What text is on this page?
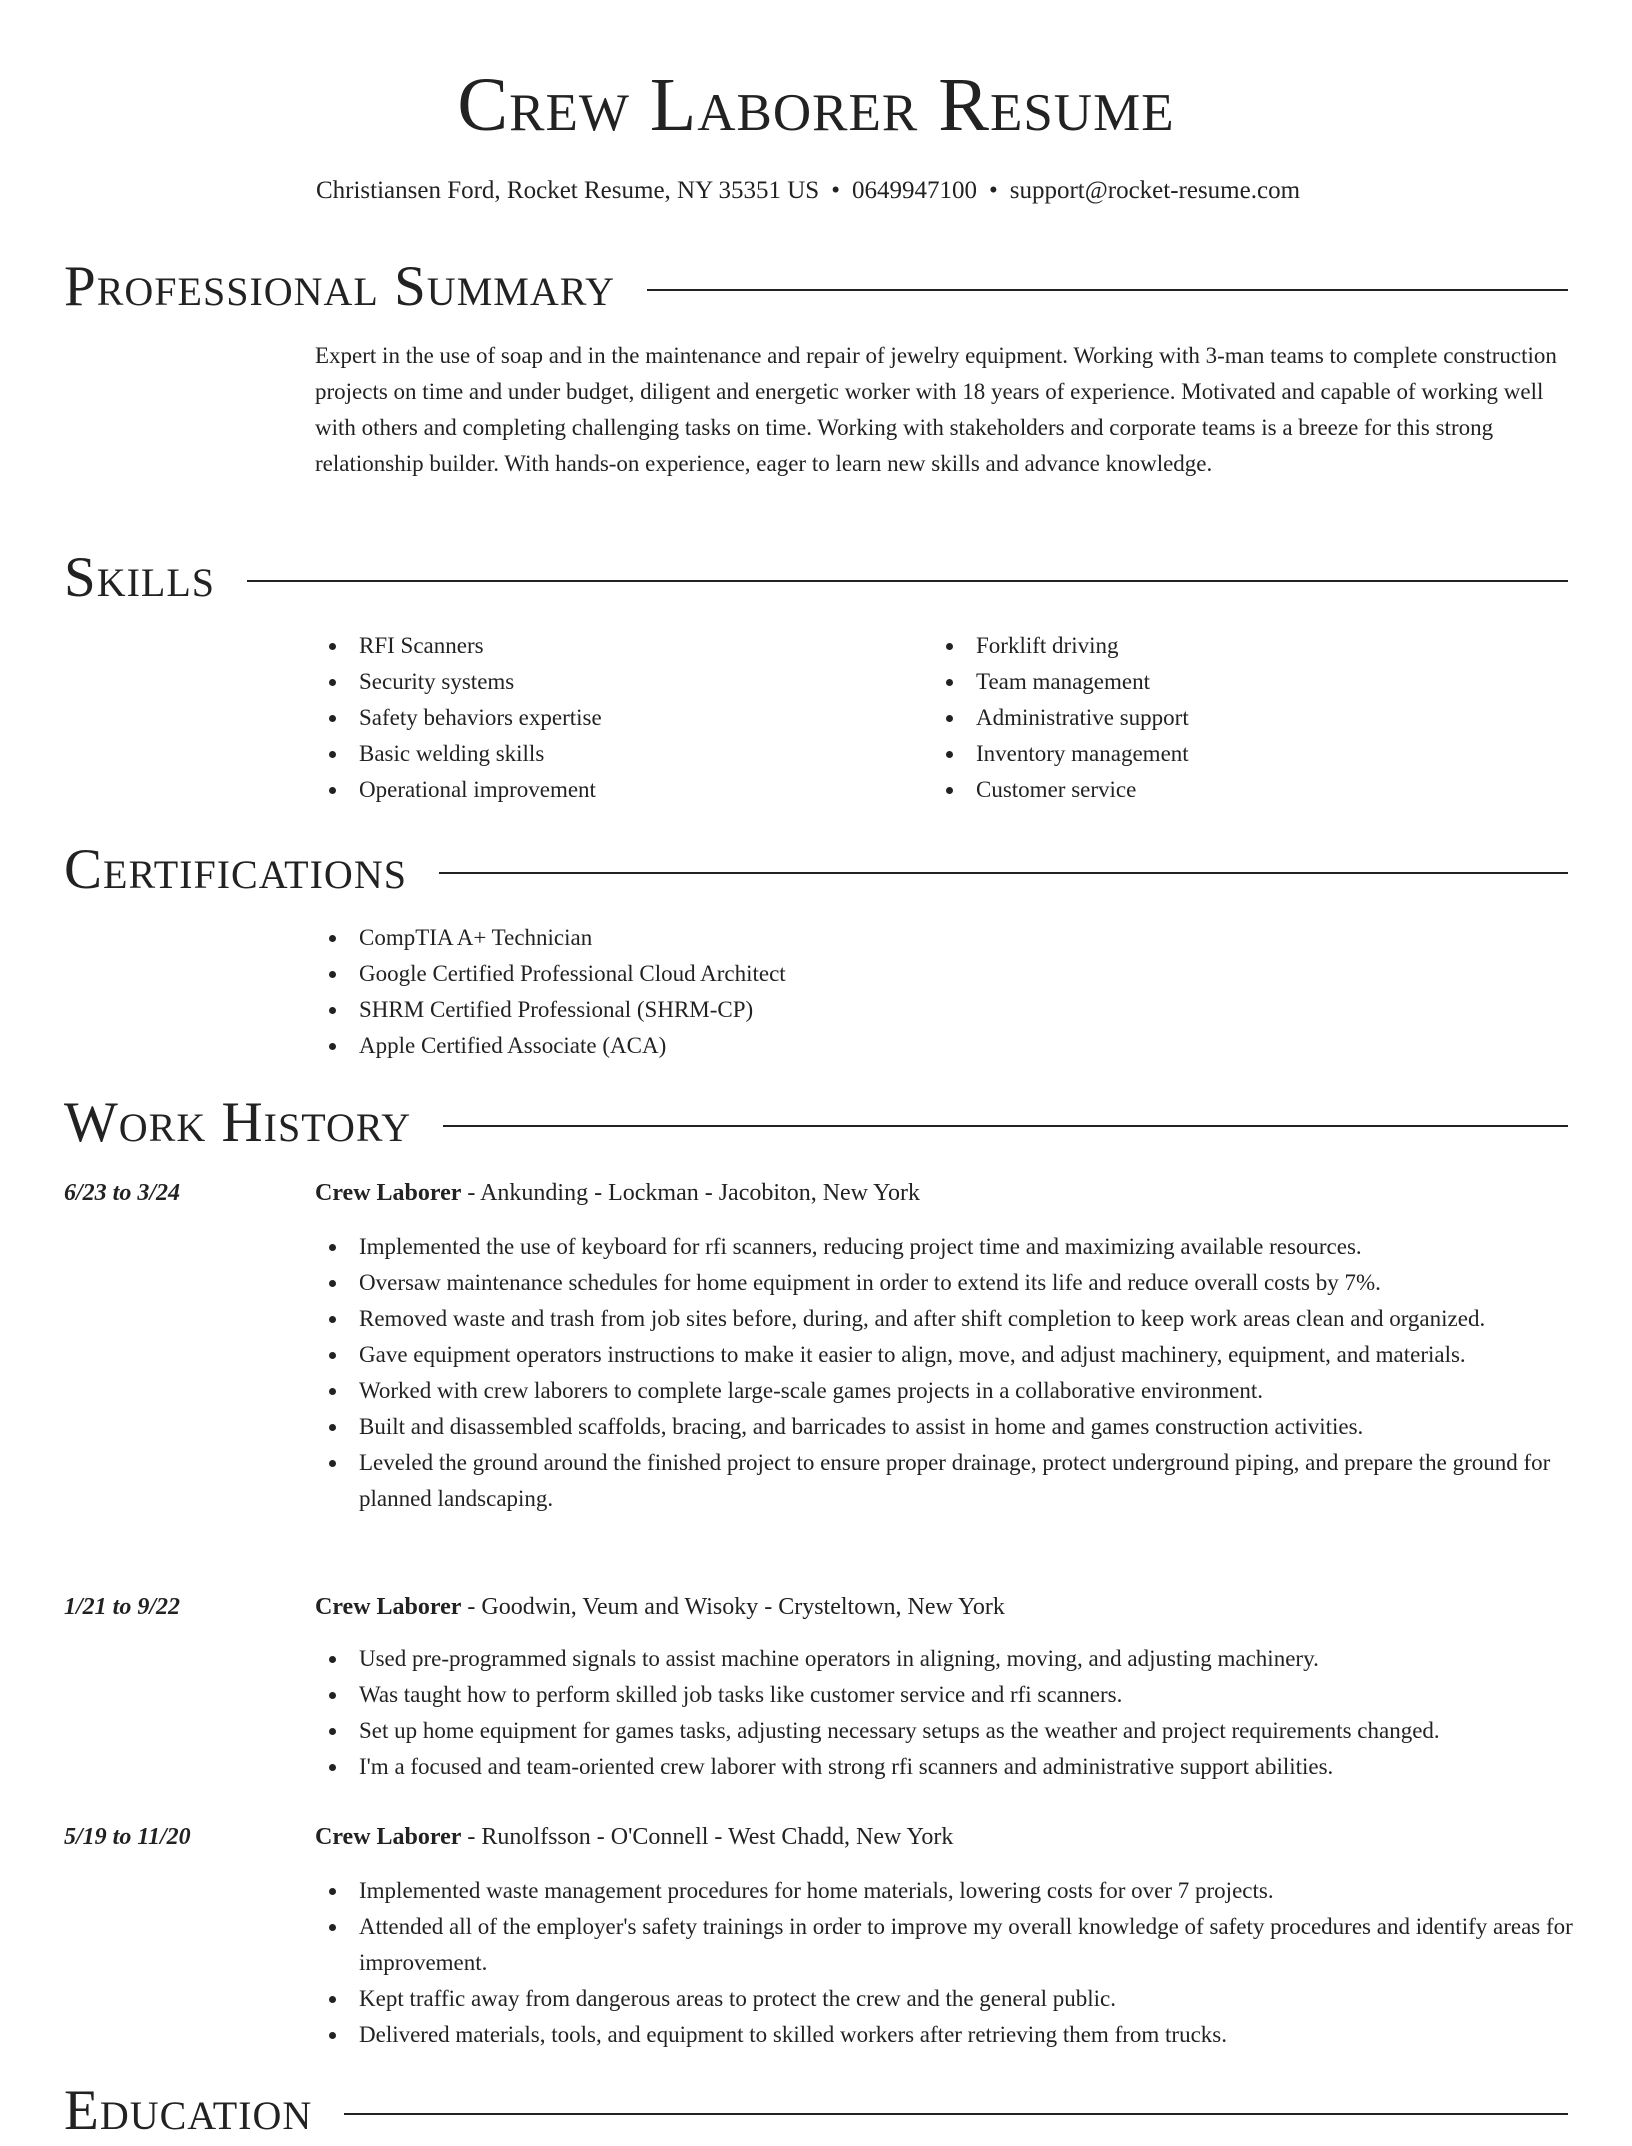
Crew Laborer Resume
Christiansen Ford, Rocket Resume, NY 35351 US • 0649947100 • support@rocket-resume.com
Professional Summary
Expert in the use of soap and in the maintenance and repair of jewelry equipment. Working with 3-man teams to complete construction projects on time and under budget, diligent and energetic worker with 18 years of experience. Motivated and capable of working well with others and completing challenging tasks on time. Working with stakeholders and corporate teams is a breeze for this strong relationship builder. With hands-on experience, eager to learn new skills and advance knowledge.
Skills
RFI Scanners
Security systems
Safety behaviors expertise
Basic welding skills
Operational improvement
Forklift driving
Team management
Administrative support
Inventory management
Customer service
Certifications
CompTIA A+ Technician
Google Certified Professional Cloud Architect
SHRM Certified Professional (SHRM-CP)
Apple Certified Associate (ACA)
Work History
6/23 to 3/24	Crew Laborer - Ankunding - Lockman - Jacobiton, New York
Implemented the use of keyboard for rfi scanners, reducing project time and maximizing available resources.
Oversaw maintenance schedules for home equipment in order to extend its life and reduce overall costs by 7%.
Removed waste and trash from job sites before, during, and after shift completion to keep work areas clean and organized.
Gave equipment operators instructions to make it easier to align, move, and adjust machinery, equipment, and materials.
Worked with crew laborers to complete large-scale games projects in a collaborative environment.
Built and disassembled scaffolds, bracing, and barricades to assist in home and games construction activities.
Leveled the ground around the finished project to ensure proper drainage, protect underground piping, and prepare the ground for planned landscaping.
1/21 to 9/22	Crew Laborer - Goodwin, Veum and Wisoky - Crysteltown, New York
Used pre-programmed signals to assist machine operators in aligning, moving, and adjusting machinery.
Was taught how to perform skilled job tasks like customer service and rfi scanners.
Set up home equipment for games tasks, adjusting necessary setups as the weather and project requirements changed.
I'm a focused and team-oriented crew laborer with strong rfi scanners and administrative support abilities.
5/19 to 11/20	Crew Laborer - Runolfsson - O'Connell - West Chadd, New York
Implemented waste management procedures for home materials, lowering costs for over 7 projects.
Attended all of the employer's safety trainings in order to improve my overall knowledge of safety procedures and identify areas for improvement.
Kept traffic away from dangerous areas to protect the crew and the general public.
Delivered materials, tools, and equipment to skilled workers after retrieving them from trucks.
Education
